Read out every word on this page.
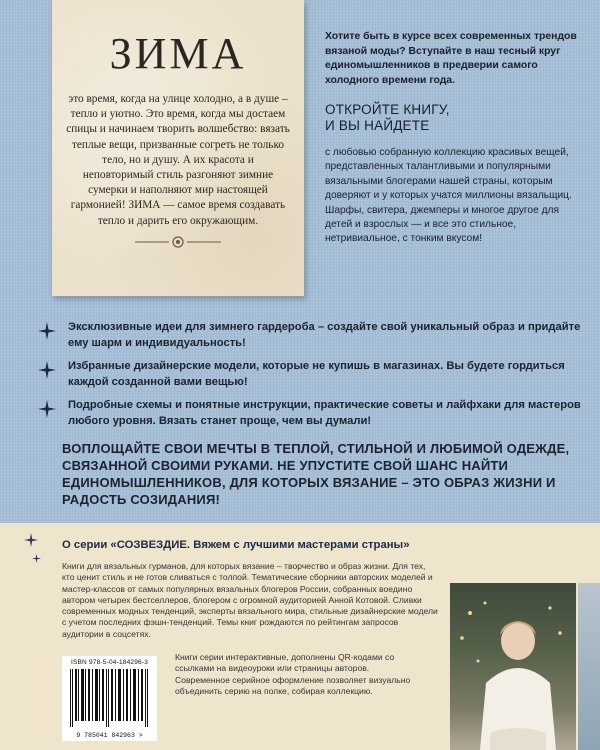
ЗИМА
это время, когда на улице холодно, а в душе – тепло и уютно. Это время, когда мы достаем спицы и начинаем творить волшебство: вязать теплые вещи, призванные согреть не только тело, но и душу. А их красота и неповторимый стиль разгоняют зимние сумерки и наполняют мир настоящей гармонией! ЗИМА — самое время создавать тепло и дарить его окружающим.

Хотите быть в курсе всех современных трендов вязаной моды? Вступайте в наш тесный круг единомышленников в предверии самого холодного времени года.

ОТКРОЙТЕ КНИГУ,
И ВЫ НАЙДЕТЕ

с любовью собранную коллекцию красивых вещей, представленных талантливыми и популярными вязальными блогерами нашей страны, которым доверяют и у которых учатся миллионы вязальщиц. Шарфы, свитера, джемперы и многое другое для детей и взрослых — и все это стильное, нетривиальное, с тонким вкусом!

Эксклюзивные идеи для зимнего гардероба – создайте свой уникальный образ и придайте ему шарм и индивидуальность!
Избранные дизайнерские модели, которые не купишь в магазинах. Вы будете гордиться каждой созданной вами вещью!
Подробные схемы и понятные инструкции, практические советы и лайфхаки для мастеров любого уровня. Вязать станет проще, чем вы думали!
ВОПЛОЩАЙТЕ СВОИ МЕЧТЫ В ТЕПЛОЙ, СТИЛЬНОЙ И ЛЮБИМОЙ ОДЕЖДЕ, СВЯЗАННОЙ СВОИМИ РУКАМИ. НЕ УПУСТИТЕ СВОЙ ШАНС НАЙТИ ЕДИНОМЫШЛЕННИКОВ, ДЛЯ КОТОРЫХ ВЯЗАНИЕ – ЭТО ОБРАЗ ЖИЗНИ И РАДОСТЬ СОЗИДАНИЯ!
О серии «СОЗВЕЗДИЕ. Вяжем с лучшими мастерами страны»
Книги для вязальных гурманов, для которых вязание – творчество и образ жизни. Для тех, кто ценит стиль и не готов сливаться с толпой. Тематические сборники авторских моделей и мастер-классов от самых популярных вязальных блогеров России, собранных воедино автором четырех бестселлеров, блогером с огромной аудиторией Анной Котовой. Сливки современных модных тенденций, эксперты вязального мира, стильные дизайнерские модели с учетом последних фэшн-тенденций. Темы книг рождаются по рейтингам запросов аудитории в соцсетях.
Книги серии интерактивные, дополнены QR-кодами со ссылками на видеоуроки или страницы авторов. Современное серийное оформление позволяет визуально объединить серию на полке, собирая коллекцию.
ISBN 978-5-04-184296-3
9 785041 842963 >
